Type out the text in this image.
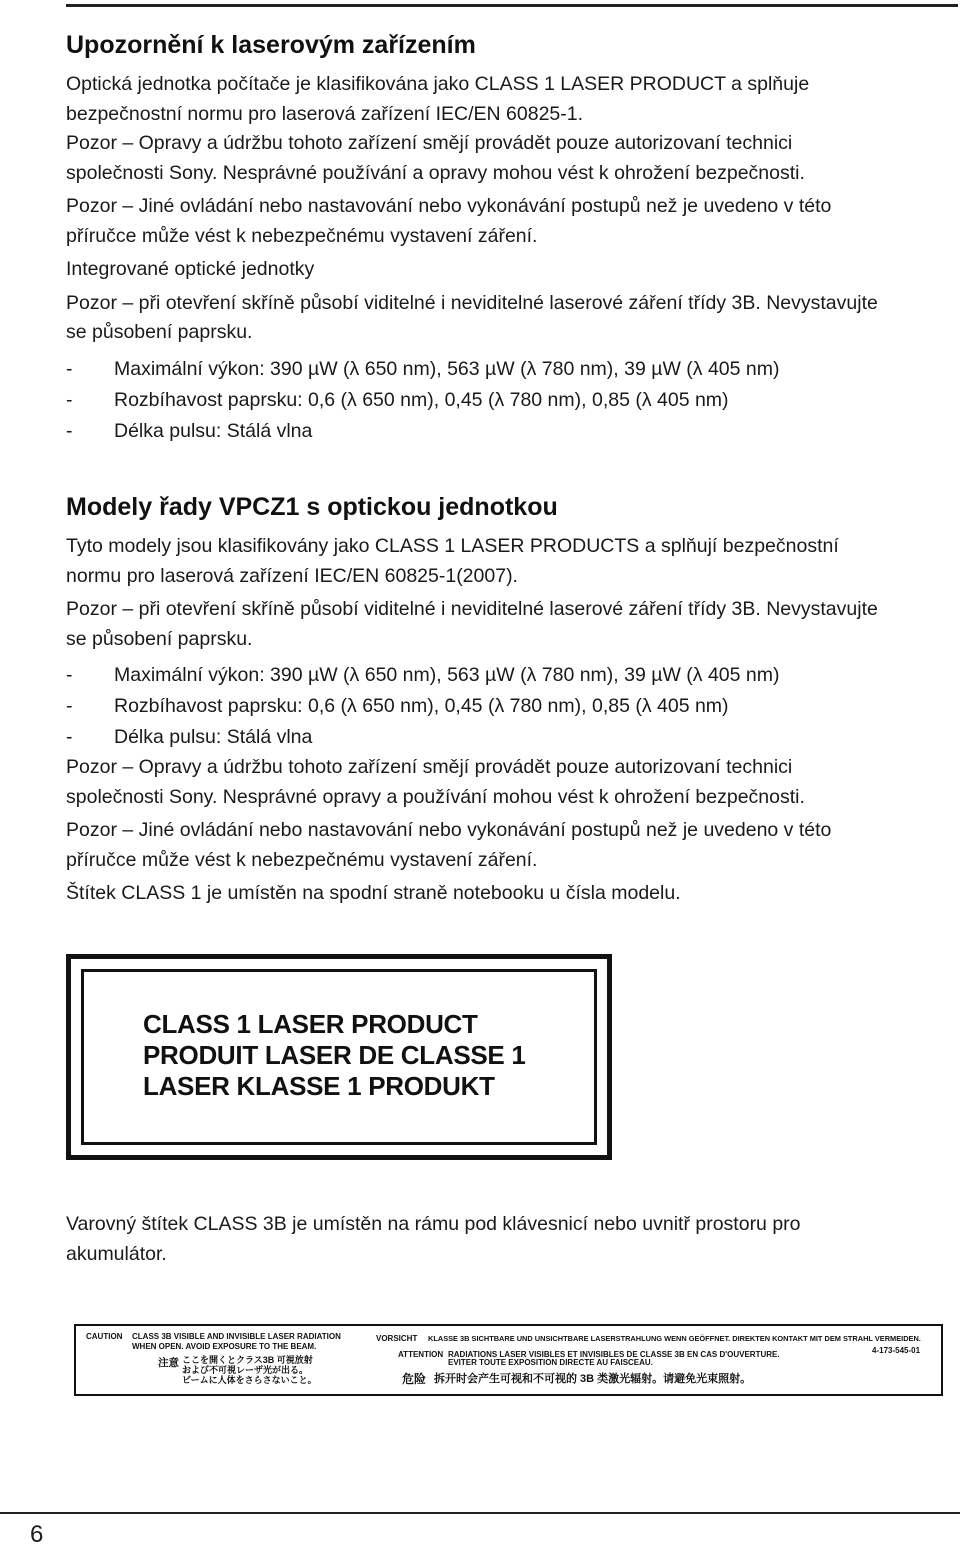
Upozornění k laserovým zařízením
Optická jednotka počítače je klasifikována jako CLASS 1 LASER PRODUCT a splňuje
bezpečnostní normu pro laserová zařízení IEC/EN 60825-1.
Pozor – Opravy a údržbu tohoto zařízení smějí provádět pouze autorizovaní technici
společnosti Sony. Nesprávné používání a opravy mohou vést k ohrožení bezpečnosti.
Pozor – Jiné ovládání nebo nastavování nebo vykonávání postupů než je uvedeno v této
příručce může vést k nebezpečnému vystavení záření.
Integrované optické jednotky
Pozor – při otevření skříně působí viditelné i neviditelné laserové záření třídy 3B. Nevystavujte
se působení paprsku.
- Maximální výkon: 390 µW (λ 650 nm), 563 µW (λ 780 nm), 39 µW (λ 405 nm)
- Rozbíhavost paprsku: 0,6 (λ 650 nm), 0,45 (λ 780 nm), 0,85 (λ 405 nm)
- Délka pulsu: Stálá vlna
Modely řady VPCZ1 s optickou jednotkou
Tyto modely jsou klasifikovány jako CLASS 1 LASER PRODUCTS a splňují bezpečnostní
normu pro laserová zařízení IEC/EN 60825-1(2007).
Pozor – při otevření skříně působí viditelné i neviditelné laserové záření třídy 3B. Nevystavujte
se působení paprsku.
- Maximální výkon: 390 µW (λ 650 nm), 563 µW (λ 780 nm), 39 µW (λ 405 nm)
- Rozbíhavost paprsku: 0,6 (λ 650 nm), 0,45 (λ 780 nm), 0,85 (λ 405 nm)
- Délka pulsu: Stálá vlna
Pozor – Opravy a údržbu tohoto zařízení smějí provádět pouze autorizovaní technici
společnosti Sony. Nesprávné opravy a používání mohou vést k ohrožení bezpečnosti.
Pozor – Jiné ovládání nebo nastavování nebo vykonávání postupů než je uvedeno v této
příručce může vést k nebezpečnému vystavení záření.
Štítek CLASS 1 je umístěn na spodní straně notebooku u čísla modelu.
CLASS 1 LASER PRODUCT
PRODUIT LASER DE CLASSE 1
LASER KLASSE 1 PRODUKT
Varovný štítek CLASS 3B je umístěn na rámu pod klávesnicí nebo uvnitř prostoru pro
akumulátor.
CAUTION CLASS 3B VISIBLE AND INVISIBLE LASER RADIATION
WHEN OPEN. AVOID EXPOSURE TO THE BEAM.
注意 ここを開くとクラス3B 可視放射
および不可視レーザ光が出る。
ビームに人体をさらさないこと。
VORSICHT KLASSE 3B SICHTBARE UND UNSICHTBARE LASERSTRAHLUNG WENN GEÖFFNET. DIREKTEN KONTAKT MIT DEM STRAHL VERMEIDEN.
ATTENTION RADIATIONS LASER VISIBLES ET INVISIBLES DE CLASSE 3B EN CAS D'OUVERTURE.
EVITER TOUTE EXPOSITION DIRECTE AU FAISCEAU.
4-173-545-01
危险 拆开时会产生可视和不可视的 3B 类激光辐射。请避免光束照射。
6
